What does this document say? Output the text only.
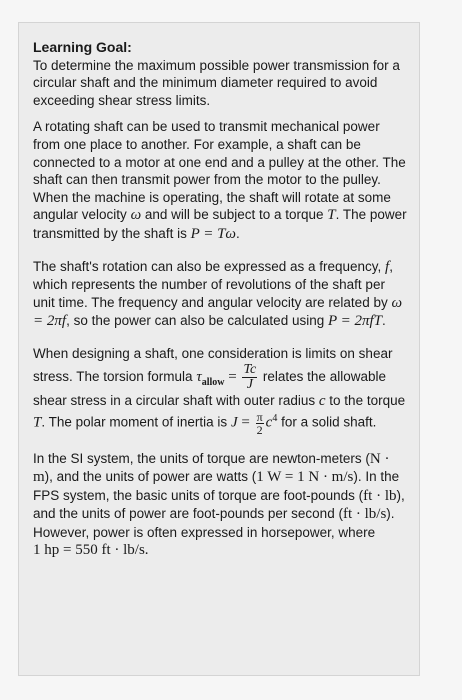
Learning Goal:
To determine the maximum possible power transmission for a circular shaft and the minimum diameter required to avoid exceeding shear stress limits.

A rotating shaft can be used to transmit mechanical power from one place to another. For example, a shaft can be connected to a motor at one end and a pulley at the other. The shaft can then transmit power from the motor to the pulley. When the machine is operating, the shaft will rotate at some angular velocity ω and will be subject to a torque T. The power transmitted by the shaft is P = Tω.

The shaft's rotation can also be expressed as a frequency, f, which represents the number of revolutions of the shaft per unit time. The frequency and angular velocity are related by ω = 2πf, so the power can also be calculated using P = 2πfT.

When designing a shaft, one consideration is limits on shear stress. The torsion formula $\tau_{allow} = \frac{Tc}{J}$ relates the allowable shear stress in a circular shaft with outer radius c to the torque T. The polar moment of inertia is $J = \frac{\pi}{2} c^4$ for a solid shaft.

In the SI system, the units of torque are newton-meters (N · m), and the units of power are watts (1 W = 1 N · m/s). In the FPS system, the basic units of torque are foot-pounds (ft · lb), and the units of power are foot-pounds per second (ft · lb/s). However, power is often expressed in horsepower, where
1 hp = 550 ft · lb/s.
